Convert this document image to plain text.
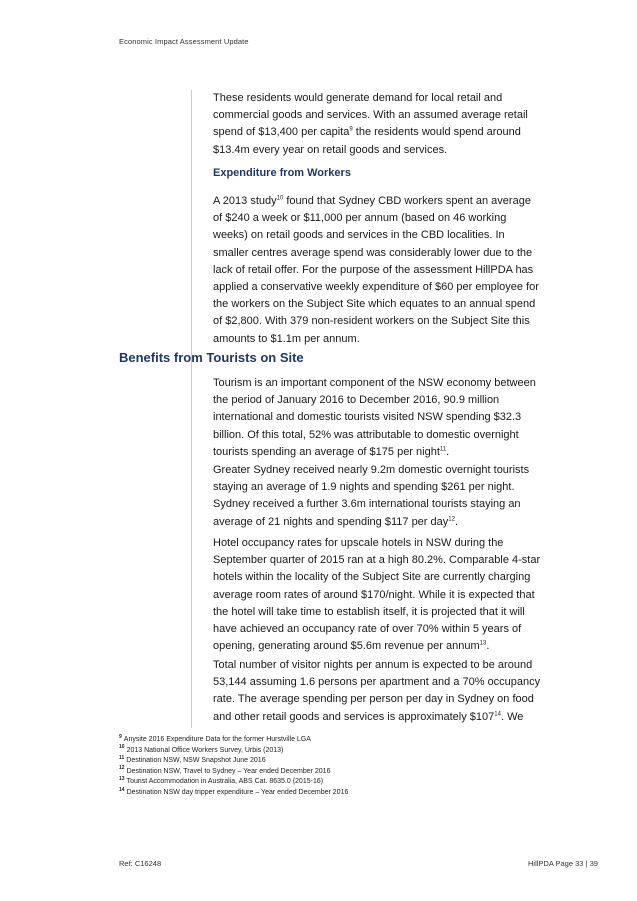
Economic Impact Assessment Update

These residents would generate demand for local retail and commercial goods and services. With an assumed average retail spend of $13,400 per capita$^9$ the residents would spend around $13.4m every year on retail goods and services.

Expenditure from Workers

A 2013 study$^{10}$ found that Sydney CBD workers spent an average of $240 a week or $11,000 per annum (based on 46 working weeks) on retail goods and services in the CBD localities. In smaller centres average spend was considerably lower due to the lack of retail offer. For the purpose of the assessment HillPDA has applied a conservative weekly expenditure of $60 per employee for the workers on the Subject Site which equates to an annual spend of $2,800. With 379 non-resident workers on the Subject Site this amounts to $1.1m per annum.

Benefits from Tourists on Site

Tourism is an important component of the NSW economy between the period of January 2016 to December 2016, 90.9 million international and domestic tourists visited NSW spending $32.3 billion. Of this total, 52% was attributable to domestic overnight tourists spending an average of $175 per night$^{11}$.

Greater Sydney received nearly 9.2m domestic overnight tourists staying an average of 1.9 nights and spending $261 per night. Sydney received a further 3.6m international tourists staying an average of 21 nights and spending $117 per day$^{12}$.

Hotel occupancy rates for upscale hotels in NSW during the September quarter of 2015 ran at a high 80.2%. Comparable 4-star hotels within the locality of the Subject Site are currently charging average room rates of around $170/night. While it is expected that the hotel will take time to establish itself, it is projected that it will have achieved an occupancy rate of over 70% within 5 years of opening, generating around $5.6m revenue per annum$^{13}$.

Total number of visitor nights per annum is expected to be around 53,144 assuming 1.6 persons per apartment and a 70% occupancy rate. The average spending per person per day in Sydney on food and other retail goods and services is approximately $\$107^{14}$. We

$^9$ Anysite 2016 Expenditure Data for the former Hurstville LGA
$^{10}$ 2013 National Office Workers Survey, Urbis (2013)
$^{11}$ Destination NSW, NSW Snapshot June 2016
$^{12}$ Destination NSW, Travel to Sydney – Year ended December 2016
$^{13}$ Tourist Accommodation in Australia, ABS Cat. 8635.0 (2015-16)
$^{14}$ Destination NSW day tripper expenditure – Year ended December 2016
Ref: C16248	HillPDA Page 33 | 39
